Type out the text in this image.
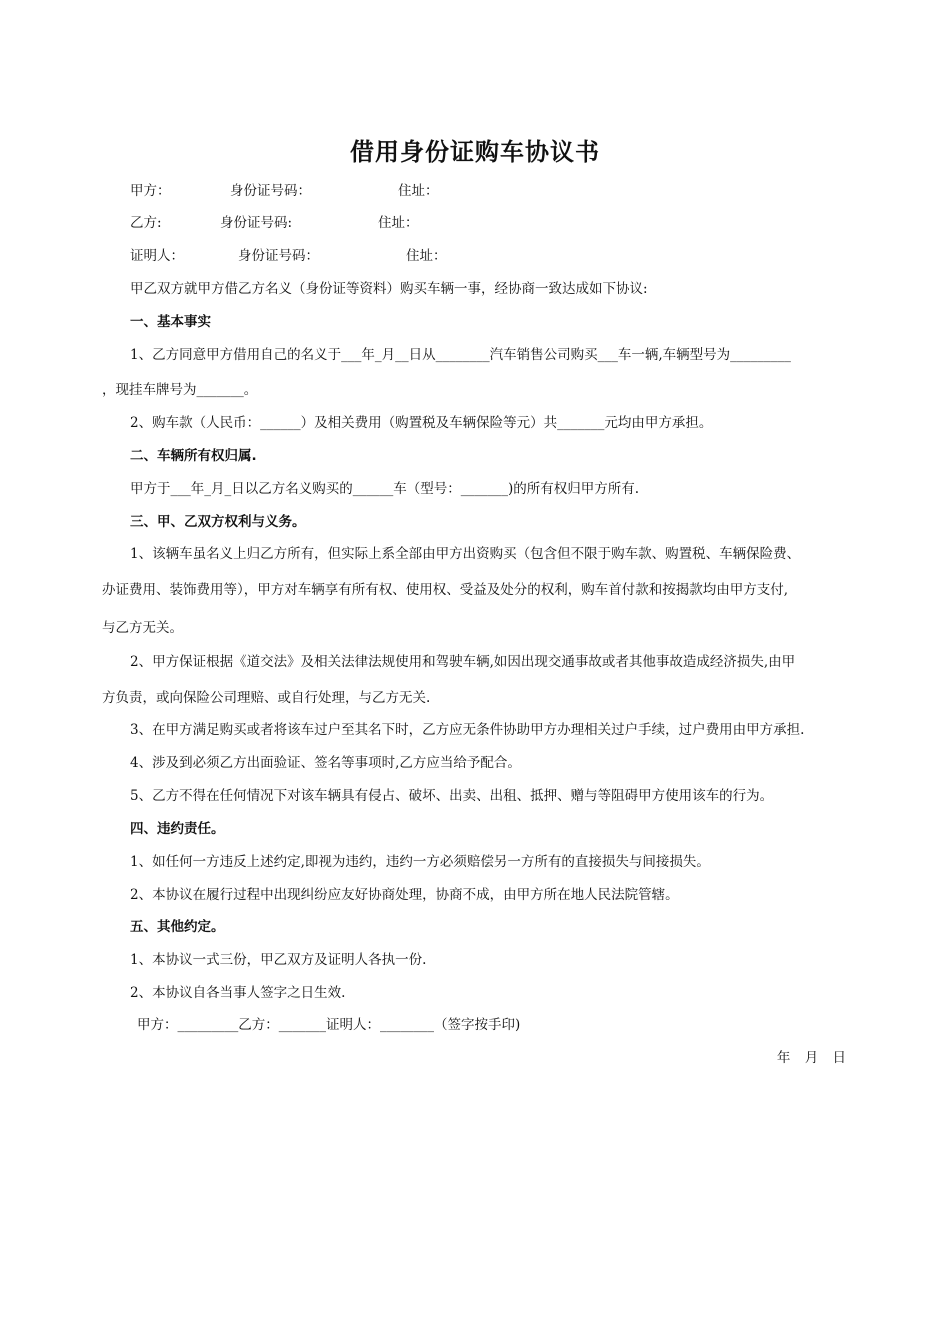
借用身份证购车协议书
甲方：	身份证号码：	住址：
乙方:	身份证号码:	住址：
证明人：	身份证号码：	住址：
甲乙双方就甲方借乙方名义（身份证等资料）购买车辆一事，经协商一致达成如下协议:
一、基本事实
1、乙方同意甲方借用自己的名义于___年_月__日从________汽车销售公司购买___车一辆,车辆型号为_________
，现挂车牌号为_______。
2、购车款（人民币：______）及相关费用（购置税及车辆保险等元）共_______元均由甲方承担。
二、车辆所有权归属.
甲方于___年_月_日以乙方名义购买的______车（型号：_______)的所有权归甲方所有.
三、甲、乙双方权利与义务。
1、该辆车虽名义上归乙方所有，但实际上系全部由甲方出资购买（包含但不限于购车款、购置税、车辆保险费、
办证费用、装饰费用等），甲方对车辆享有所有权、使用权、受益及处分的权利，购车首付款和按揭款均由甲方支付,
与乙方无关。
2、甲方保证根据《道交法》及相关法律法规使用和驾驶车辆,如因出现交通事故或者其他事故造成经济损失,由甲
方负责，或向保险公司理赔、或自行处理，与乙方无关.
3、在甲方满足购买或者将该车过户至其名下时，乙方应无条件协助甲方办理相关过户手续，过户费用由甲方承担.
4、涉及到必须乙方出面验证、签名等事项时,乙方应当给予配合。
5、乙方不得在任何情况下对该车辆具有侵占、破坏、出卖、出租、抵押、赠与等阻碍甲方使用该车的行为。
四、违约责任。
1、如任何一方违反上述约定,即视为违约，违约一方必须赔偿另一方所有的直接损失与间接损失。
2、本协议在履行过程中出现纠纷应友好协商处理，协商不成，由甲方所在地人民法院管辖。
五、其他约定。
1、本协议一式三份，甲乙双方及证明人各执一份.
2、本协议自各当事人签字之日生效.
甲方：_________乙方：_______证明人：________（签字按手印)
年 月 日
